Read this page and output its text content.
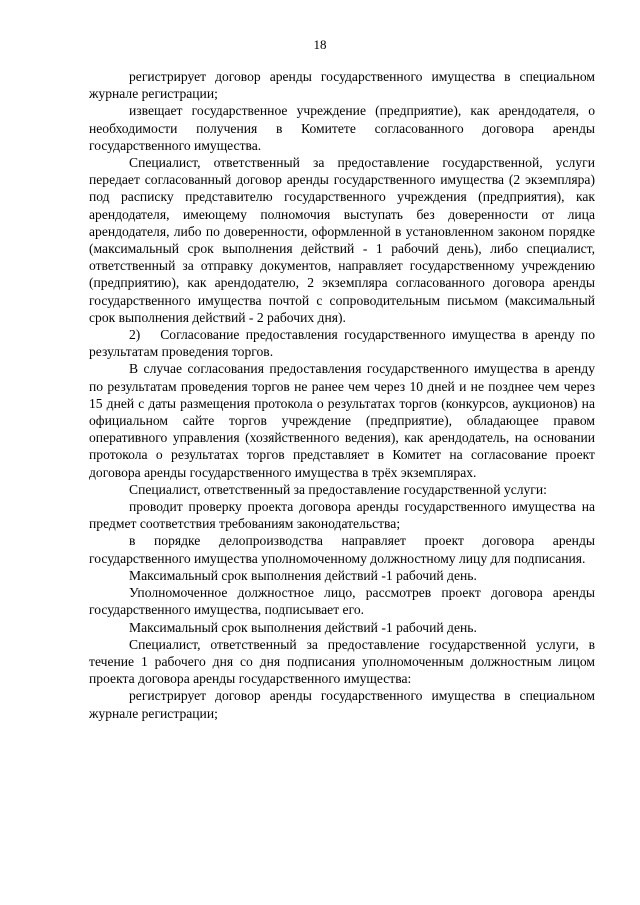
18

регистрирует договор аренды государственного имущества в специальном журнале регистрации;

извещает государственное учреждение (предприятие), как арендодателя, о необходимости получения в Комитете согласованного договора аренды государственного имущества.

Специалист, ответственный за предоставление государственной, услуги передает согласованный договор аренды государственного имущества (2 экземпляра) под расписку представителю государственного учреждения (предприятия), как арендодателя, имеющему полномочия выступать без доверенности от лица арендодателя, либо по доверенности, оформленной в установленном законом порядке (максимальный срок выполнения действий - 1 рабочий день), либо специалист, ответственный за отправку документов, направляет государственному учреждению (предприятию), как арендодателю, 2 экземпляра согласованного договора аренды государственного имущества почтой с сопроводительным письмом (максимальный срок выполнения действий - 2 рабочих дня).

2)  Согласование предоставления государственного имущества в аренду по результатам проведения торгов.

В случае согласования предоставления государственного имущества в аренду по результатам проведения торгов не ранее чем через 10 дней и не позднее чем через 15 дней с даты размещения протокола о результатах торгов (конкурсов, аукционов) на официальном сайте торгов учреждение (предприятие), обладающее правом оперативного управления (хозяйственного ведения), как арендодатель, на основании протокола о результатах торгов представляет в Комитет на согласование проект договора аренды государственного имущества в трёх экземплярах.

Специалист, ответственный за предоставление государственной услуги:

проводит проверку проекта договора аренды государственного имущества на предмет соответствия требованиям законодательства;

в порядке делопроизводства направляет проект договора аренды государственного имущества уполномоченному должностному лицу для подписания.

Максимальный срок выполнения действий -1 рабочий день.

Уполномоченное должностное лицо, рассмотрев проект договора аренды государственного имущества, подписывает его.

Максимальный срок выполнения действий -1 рабочий день.

Специалист, ответственный за предоставление государственной услуги, в течение 1 рабочего дня со дня подписания уполномоченным должностным лицом проекта договора аренды государственного имущества:

регистрирует договор аренды государственного имущества в специальном журнале регистрации;
